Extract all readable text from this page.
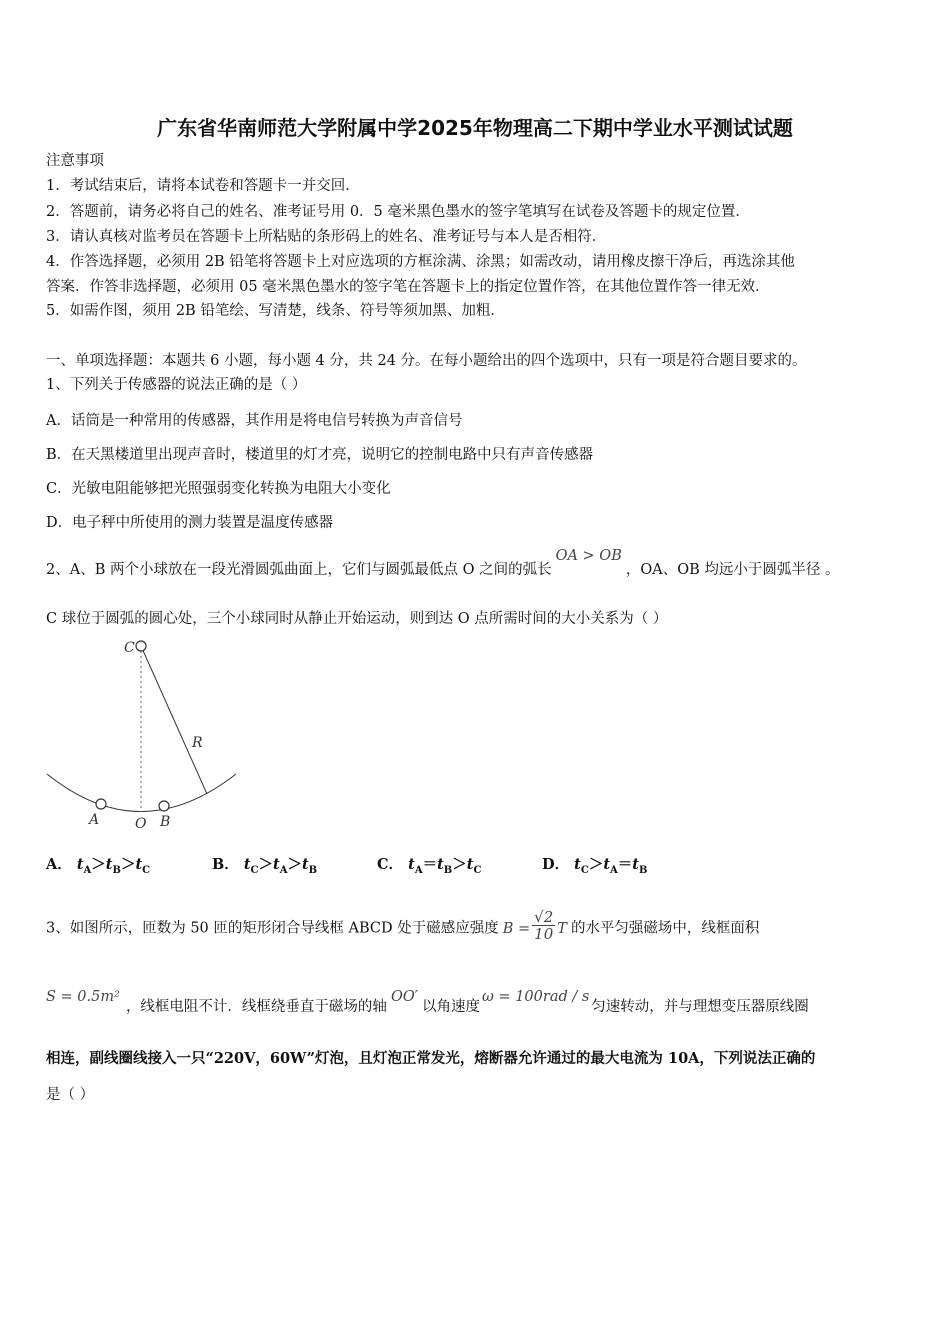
广东省华南师范大学附属中学2025年物理高二下期中学业水平测试试题
注意事项
1．考试结束后，请将本试卷和答题卡一并交回．
2．答题前，请务必将自己的姓名、准考证号用 0．5 毫米黑色墨水的签字笔填写在试卷及答题卡的规定位置．
3．请认真核对监考员在答题卡上所粘贴的条形码上的姓名、准考证号与本人是否相符．
4．作答选择题，必须用 2B 铅笔将答题卡上对应选项的方框涂满、涂黑；如需改动，请用橡皮擦干净后，再选涂其他
答案．作答非选择题，必须用 05 毫米黑色墨水的签字笔在答题卡上的指定位置作答，在其他位置作答一律无效．
5．如需作图，须用 2B 铅笔绘、写清楚，线条、符号等须加黑、加粗．
一、单项选择题：本题共 6 小题，每小题 4 分，共 24 分。在每小题给出的四个选项中，只有一项是符合题目要求的。
1、下列关于传感器的说法正确的是（ ）
A．话筒是一种常用的传感器，其作用是将电信号转换为声音信号
B．在天黑楼道里出现声音时，楼道里的灯才亮，说明它的控制电路中只有声音传感器
C．光敏电阻能够把光照强弱变化转换为电阻大小变化
D．电子秤中所使用的测力装置是温度传感器
2、A、B 两个小球放在一段光滑圆弧曲面上，它们与圆弧最低点 O 之间的弧长OA > OB，OA、OB 均远小于圆弧半径 。
C 球位于圆弧的圆心处，三个小球同时从静止开始运动，则到达 O 点所需时间的大小关系为（ ）
C
R
A	O B
A． $t_A>t_B>t_C$	B． $t_C>t_A>t_B$	C． $t_A=t_B>t_C$	D． $t_C>t_A=t_B$
3、如图所示，匝数为 50 匝的矩形闭合导线框 ABCD 处于磁感应强度 $B = \frac{√2}{10}$ T 的水平匀强磁场中，线框面积
S = 0.5m²，线框电阻不计．线框绕垂直于磁场的轴OO′以角速度ω = 100rad / s匀速转动，并与理想变压器原线圈
相连，副线圈线接入一只“220V，60W”灯泡，且灯泡正常发光，熔断器允许通过的最大电流为 10A，下列说法正确的
是（ ）
